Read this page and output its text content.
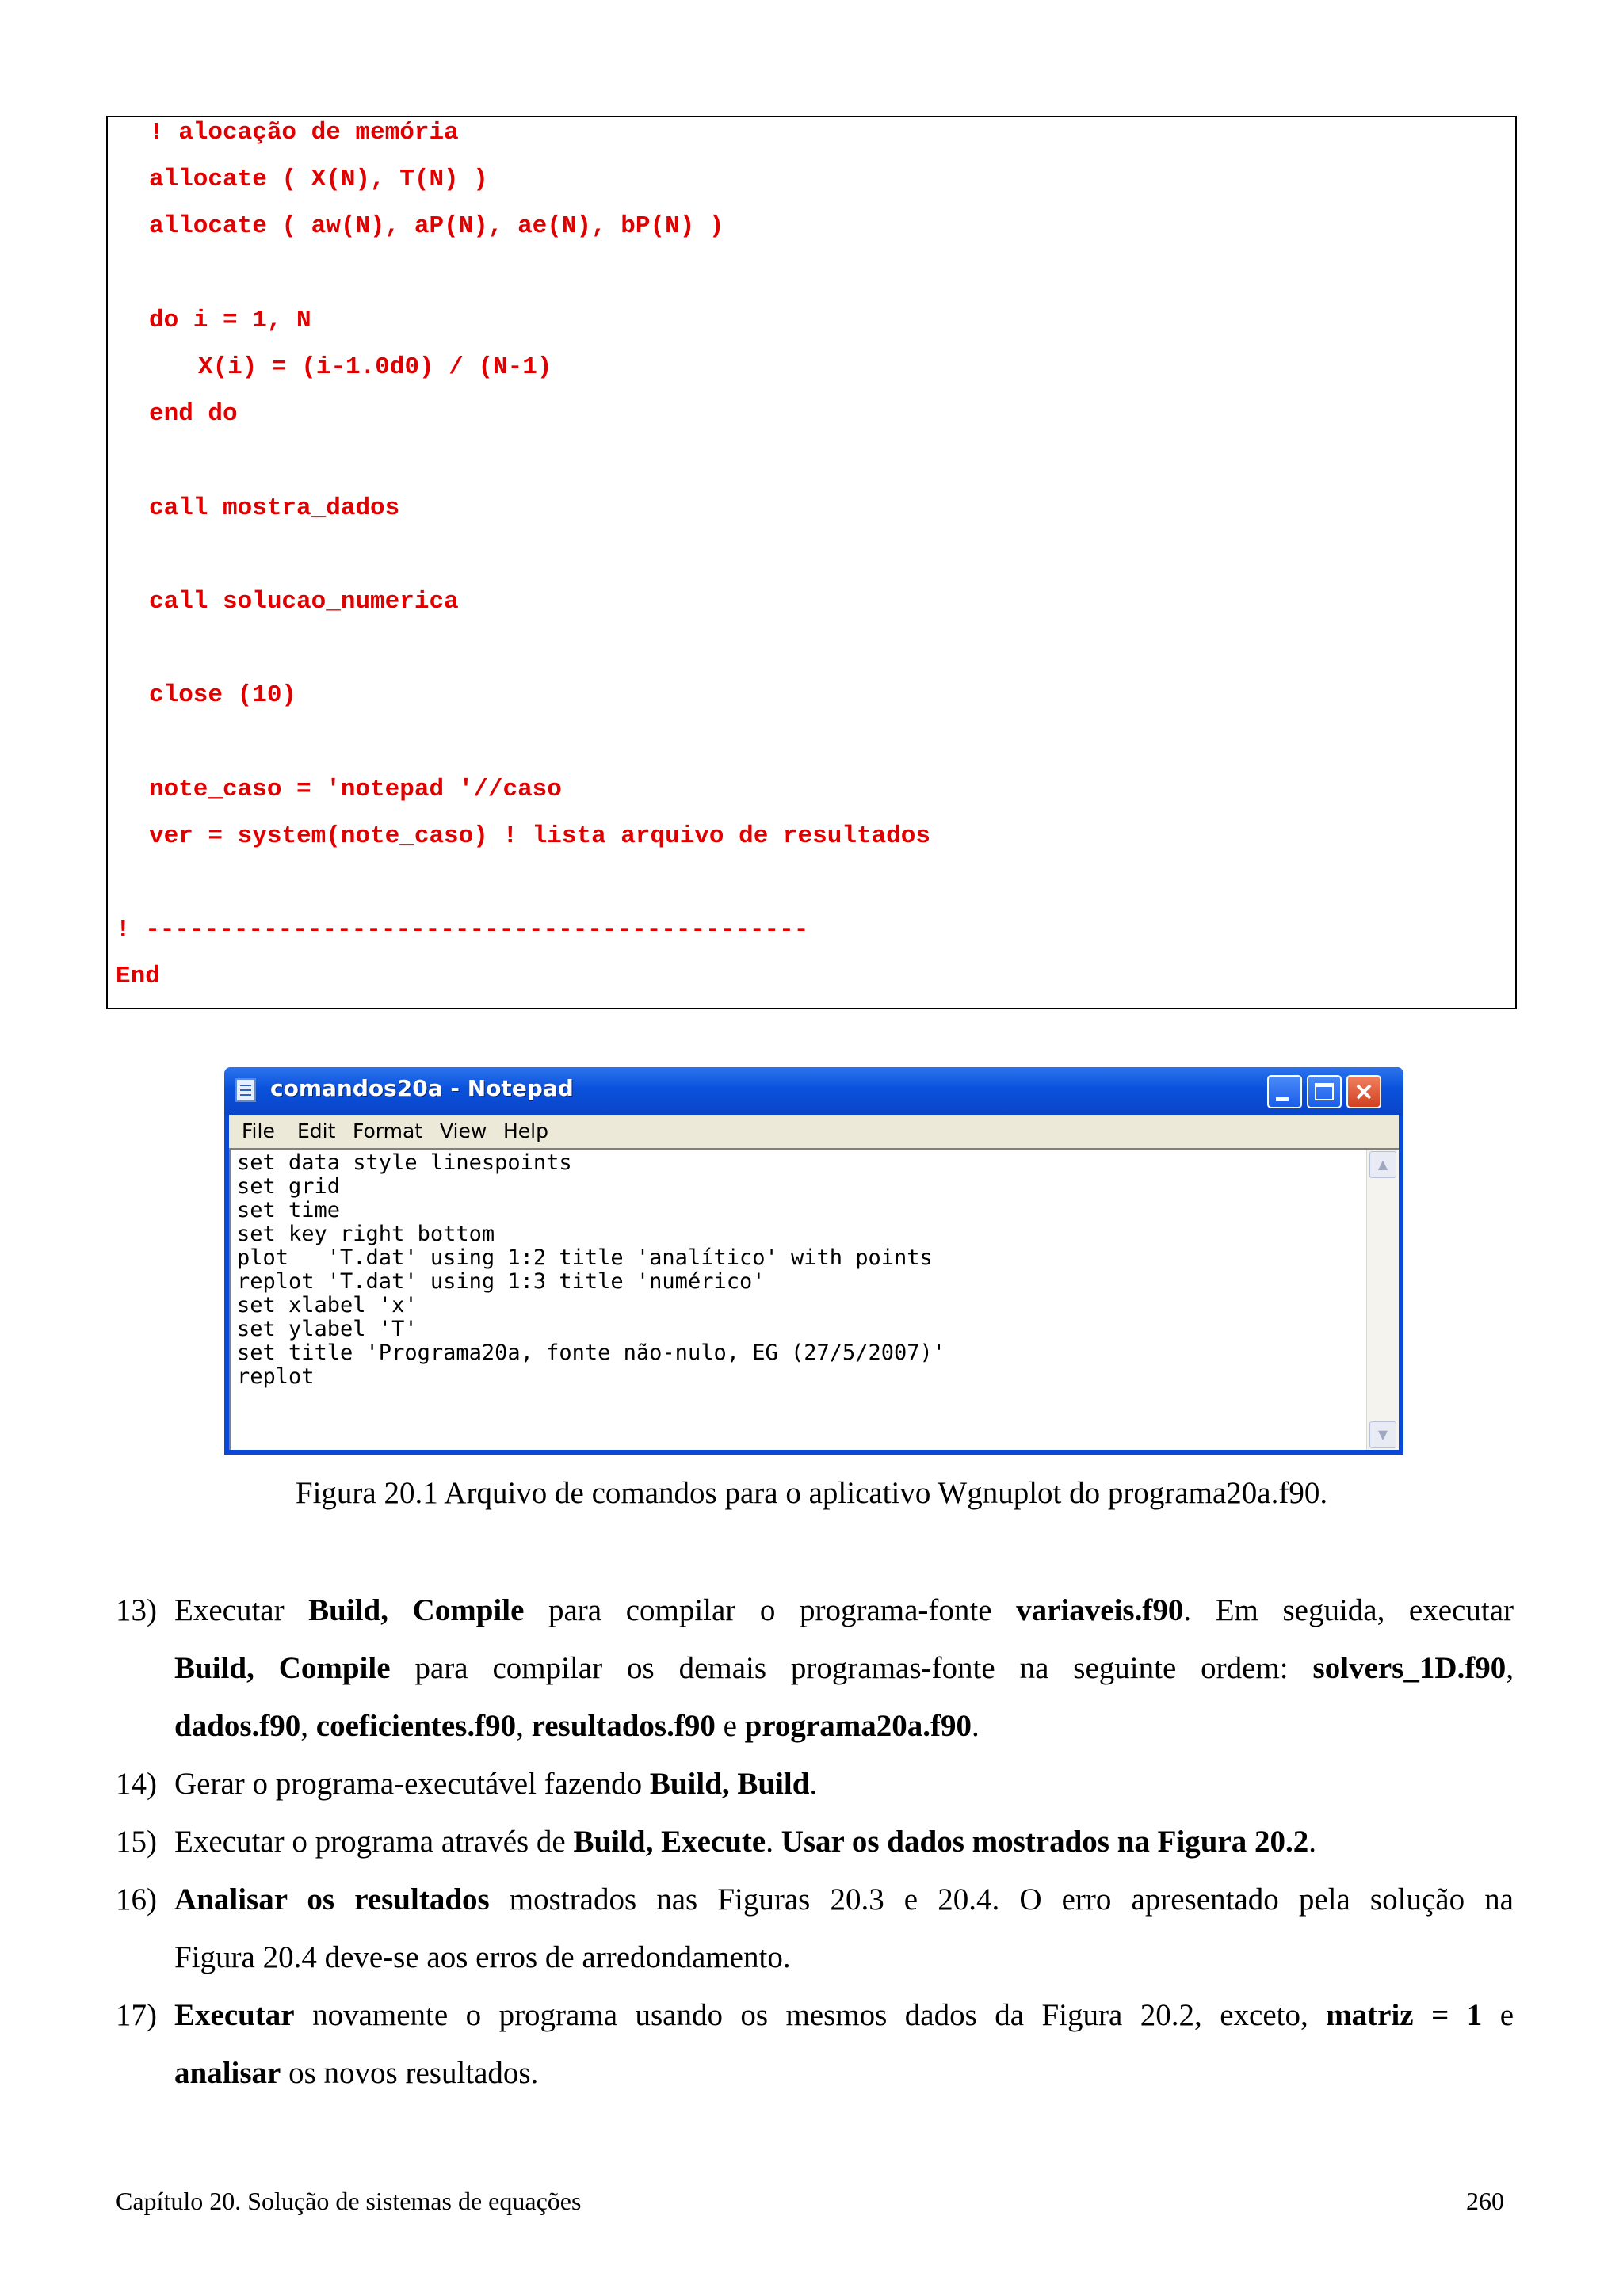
! alocação de memória
allocate ( X(N), T(N) )
allocate ( aw(N), aP(N), ae(N), bP(N) )
do i = 1, N
X(i) = (i-1.0d0) / (N-1)
end do
call mostra_dados
call solucao_numerica
close (10)
note_caso = 'notepad '//caso
ver = system(note_caso) ! lista arquivo de resultados
! ---------------------------------------------
End
comandos20a - Notepad
File Edit Format View Help
set data style linespoints
set grid
set time
set key right bottom
plot   'T.dat' using 1:2 title 'analítico' with points
replot 'T.dat' using 1:3 title 'numérico'
set xlabel 'x'
set ylabel 'T'
set title 'Programa20a, fonte não-nulo, EG (27/5/2007)'
replot
▲
▼
Figura 20.1 Arquivo de comandos para o aplicativo Wgnuplot do programa20a.f90.
13) Executar Build, Compile para compilar o programa-fonte variaveis.f90. Em seguida, executar
Build, Compile para compilar os demais programas-fonte na seguinte ordem: solvers_1D.f90,
dados.f90, coeficientes.f90, resultados.f90 e programa20a.f90.
14) Gerar o programa-executável fazendo Build, Build.
15) Executar o programa através de Build, Execute. Usar os dados mostrados na Figura 20.2.
16) Analisar os resultados mostrados nas Figuras 20.3 e 20.4. O erro apresentado pela solução na
Figura 20.4 deve-se aos erros de arredondamento.
17) Executar novamente o programa usando os mesmos dados da Figura 20.2, exceto, matriz = 1 e
analisar os novos resultados.
Capítulo 20. Solução de sistemas de equações	260
